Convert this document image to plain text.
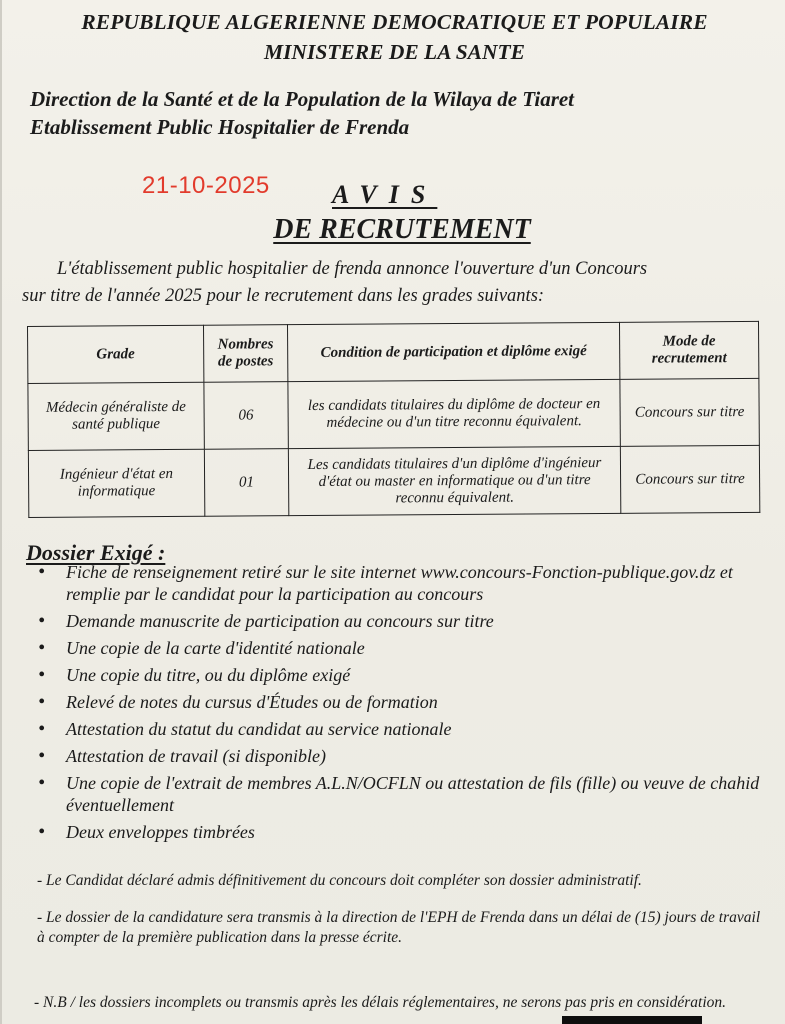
REPUBLIQUE ALGERIENNE DEMOCRATIQUE ET POPULAIRE
MINISTERE DE LA SANTE
Direction de la Santé et de la Population de la Wilaya de Tiaret
Etablissement Public Hospitalier de Frenda
21-10-2025 AVIS
DE RECRUTEMENT
L'établissement public hospitalier de frenda annonce l'ouverture d'un Concours
sur titre de l'année 2025 pour le recrutement dans les grades suivants:
Grade	Nombres de postes	Condition de participation et diplôme exigé	Mode de recrutement
Médecin généraliste de santé publique	06	les candidats titulaires du diplôme de docteur en médecine ou d'un titre reconnu équivalent.	Concours sur titre
Ingénieur d'état en informatique	01	Les candidats titulaires d'un diplôme d'ingénieur d'état ou master en informatique ou d'un titre reconnu équivalent.	Concours sur titre
Dossier Exigé :
• Fiche de renseignement retiré sur le site internet www.concours-Fonction-publique.gov.dz et remplie par le candidat pour la participation au concours
• Demande manuscrite de participation au concours sur titre
• Une copie de la carte d'identité nationale
• Une copie du titre, ou du diplôme exigé
• Relevé de notes du cursus d'Études ou de formation
• Attestation du statut du candidat au service nationale
• Attestation de travail (si disponible)
• Une copie de l'extrait de membres A.L.N/OCFLN ou attestation de fils (fille) ou veuve de chahid éventuellement
• Deux enveloppes timbrées
- Le Candidat déclaré admis définitivement du concours doit compléter son dossier administratif.
- Le dossier de la candidature sera transmis à la direction de l'EPH de Frenda dans un délai de (15) jours de travail à compter de la première publication dans la presse écrite.
- N.B / les dossiers incomplets ou transmis après les délais réglementaires, ne serons pas pris en considération.
